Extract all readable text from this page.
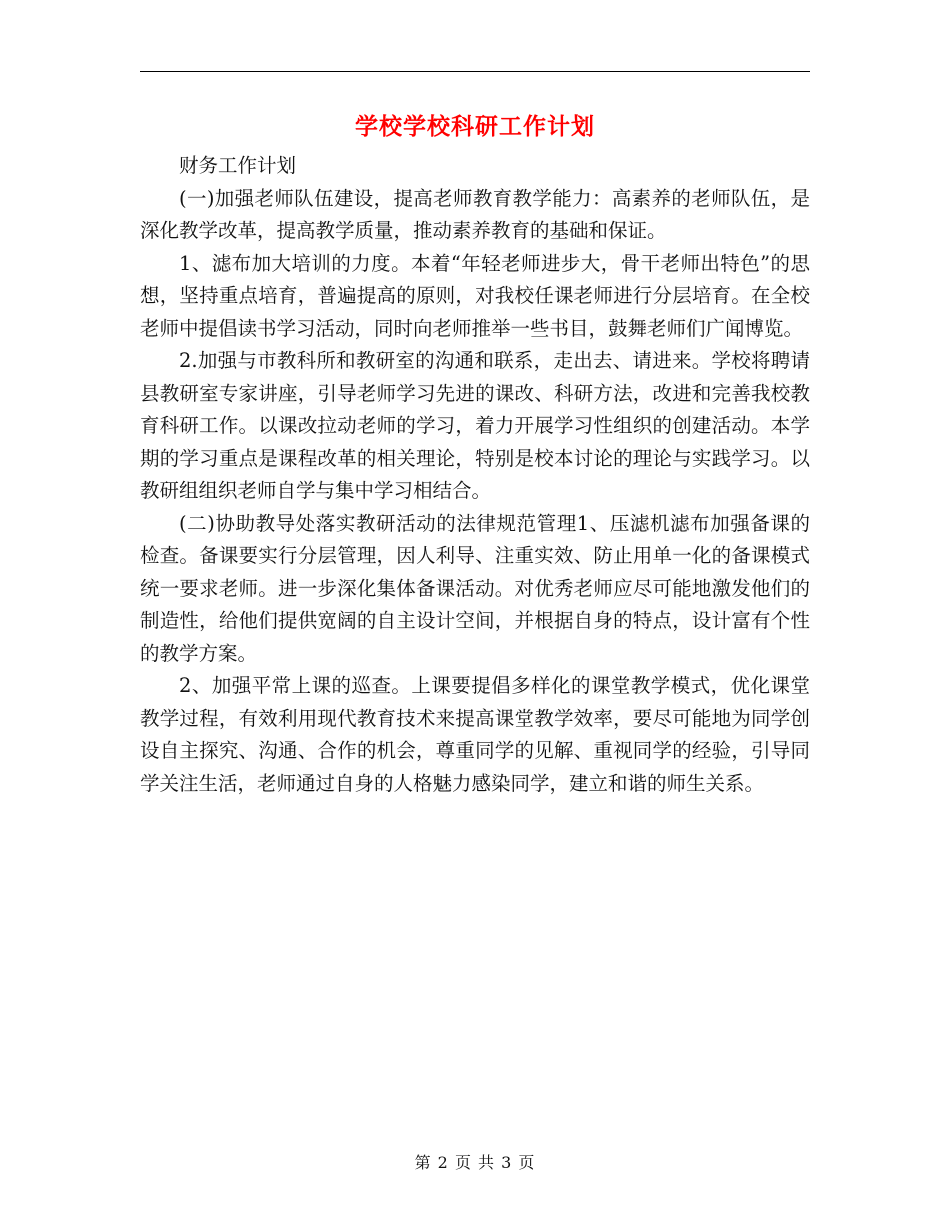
学校学校科研工作计划

财务工作计划

(一)加强老师队伍建设，提高老师教育教学能力：高素养的老师队伍，是深化教学改革，提高教学质量，推动素养教育的基础和保证。

1、滤布加大培训的力度。本着“年轻老师进步大，骨干老师出特色”的思想，坚持重点培育，普遍提高的原则，对我校任课老师进行分层培育。在全校老师中提倡读书学习活动，同时向老师推举一些书目，鼓舞老师们广闻博览。

2.加强与市教科所和教研室的沟通和联系，走出去、请进来。学校将聘请县教研室专家讲座，引导老师学习先进的课改、科研方法，改进和完善我校教育科研工作。以课改拉动老师的学习，着力开展学习性组织的创建活动。本学期的学习重点是课程改革的相关理论，特别是校本讨论的理论与实践学习。以教研组组织老师自学与集中学习相结合。

(二)协助教导处落实教研活动的法律规范管理1、压滤机滤布加强备课的检查。备课要实行分层管理，因人利导、注重实效、防止用单一化的备课模式统一要求老师。进一步深化集体备课活动。对优秀老师应尽可能地激发他们的制造性，给他们提供宽阔的自主设计空间，并根据自身的特点，设计富有个性的教学方案。

2、加强平常上课的巡查。上课要提倡多样化的课堂教学模式，优化课堂教学过程，有效利用现代教育技术来提高课堂教学效率，要尽可能地为同学创设自主探究、沟通、合作的机会，尊重同学的见解、重视同学的经验，引导同学关注生活，老师通过自身的人格魅力感染同学，建立和谐的师生关系。

第 2 页 共 3 页
